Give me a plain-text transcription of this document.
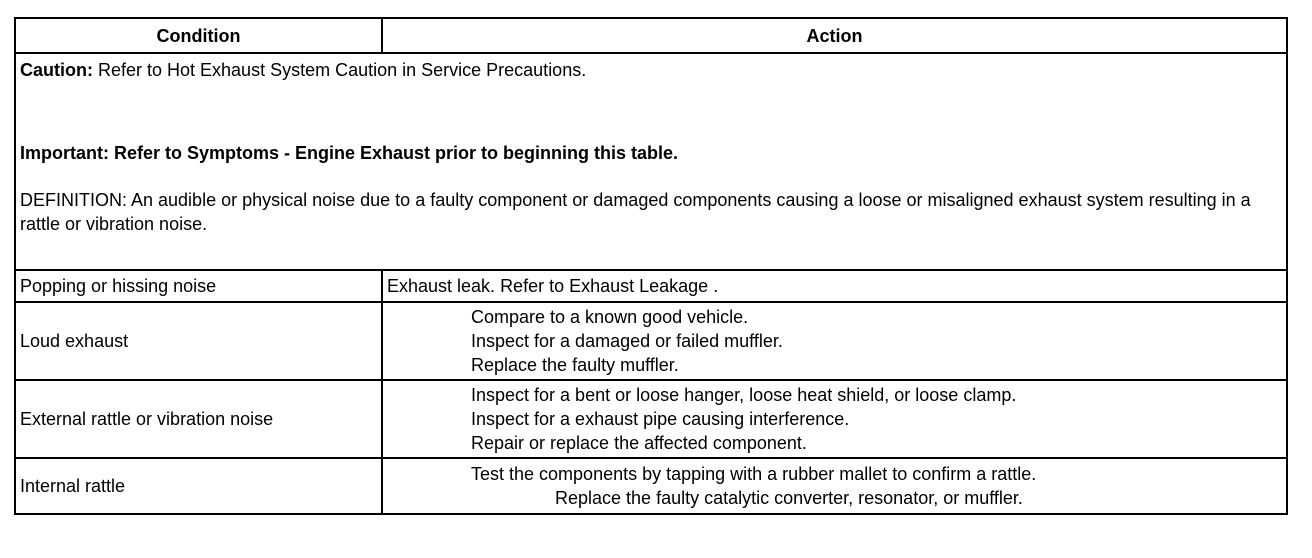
Condition	Action

Caution: Refer to Hot Exhaust System Caution in Service Precautions.
Important: Refer to Symptoms - Engine Exhaust prior to beginning this table.
DEFINITION: An audible or physical noise due to a faulty component or damaged components causing a loose or misaligned exhaust system resulting in a rattle or vibration noise.	

Popping or hissing noise	Exhaust leak. Refer to Exhaust Leakage .

Loud exhaust	Compare to a known good vehicle.
Inspect for a damaged or failed muffler.
Replace the faulty muffler.

External rattle or vibration noise	Inspect for a bent or loose hanger, loose heat shield, or loose clamp.
Inspect for a exhaust pipe causing interference.
Repair or replace the affected component.

Internal rattle	Test the components by tapping with a rubber mallet to confirm a rattle.
Replace the faulty catalytic converter, resonator, or muffler.
